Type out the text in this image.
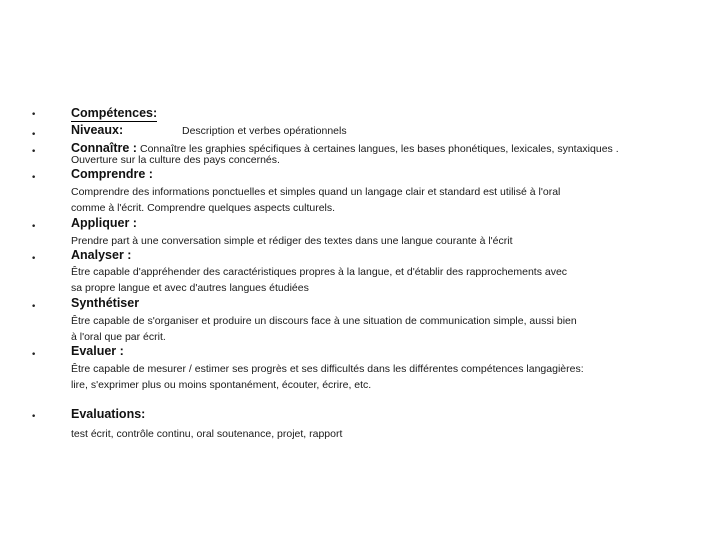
•	Compétences:
•	Niveaux:	Description et verbes opérationnels
•	Connaître : Connaître les graphies spécifiques à certaines langues, les bases phonétiques, lexicales, syntaxiques .
Ouverture sur la culture des pays concernés.
•	Comprendre :
Comprendre des informations ponctuelles et simples quand un langage clair et standard est utilisé à l'oral
comme à l'écrit. Comprendre quelques aspects culturels.
•	Appliquer :
Prendre part à une conversation simple et rédiger des textes dans une langue courante à l'écrit
•	Analyser :
Être capable d'appréhender des caractéristiques propres à la langue, et d'établir des rapprochements avec
sa propre langue et avec d'autres langues étudiées
•	Synthétiser
Être capable de s'organiser et produire un discours face à une situation de communication simple, aussi bien
à l'oral que par écrit.
•	Evaluer :
Être capable de mesurer / estimer ses progrès et ses difficultés dans les différentes compétences langagières:
lire, s'exprimer plus ou moins spontanément, écouter, écrire, etc.
•	Evaluations:
test écrit, contrôle continu, oral soutenance, projet, rapport
